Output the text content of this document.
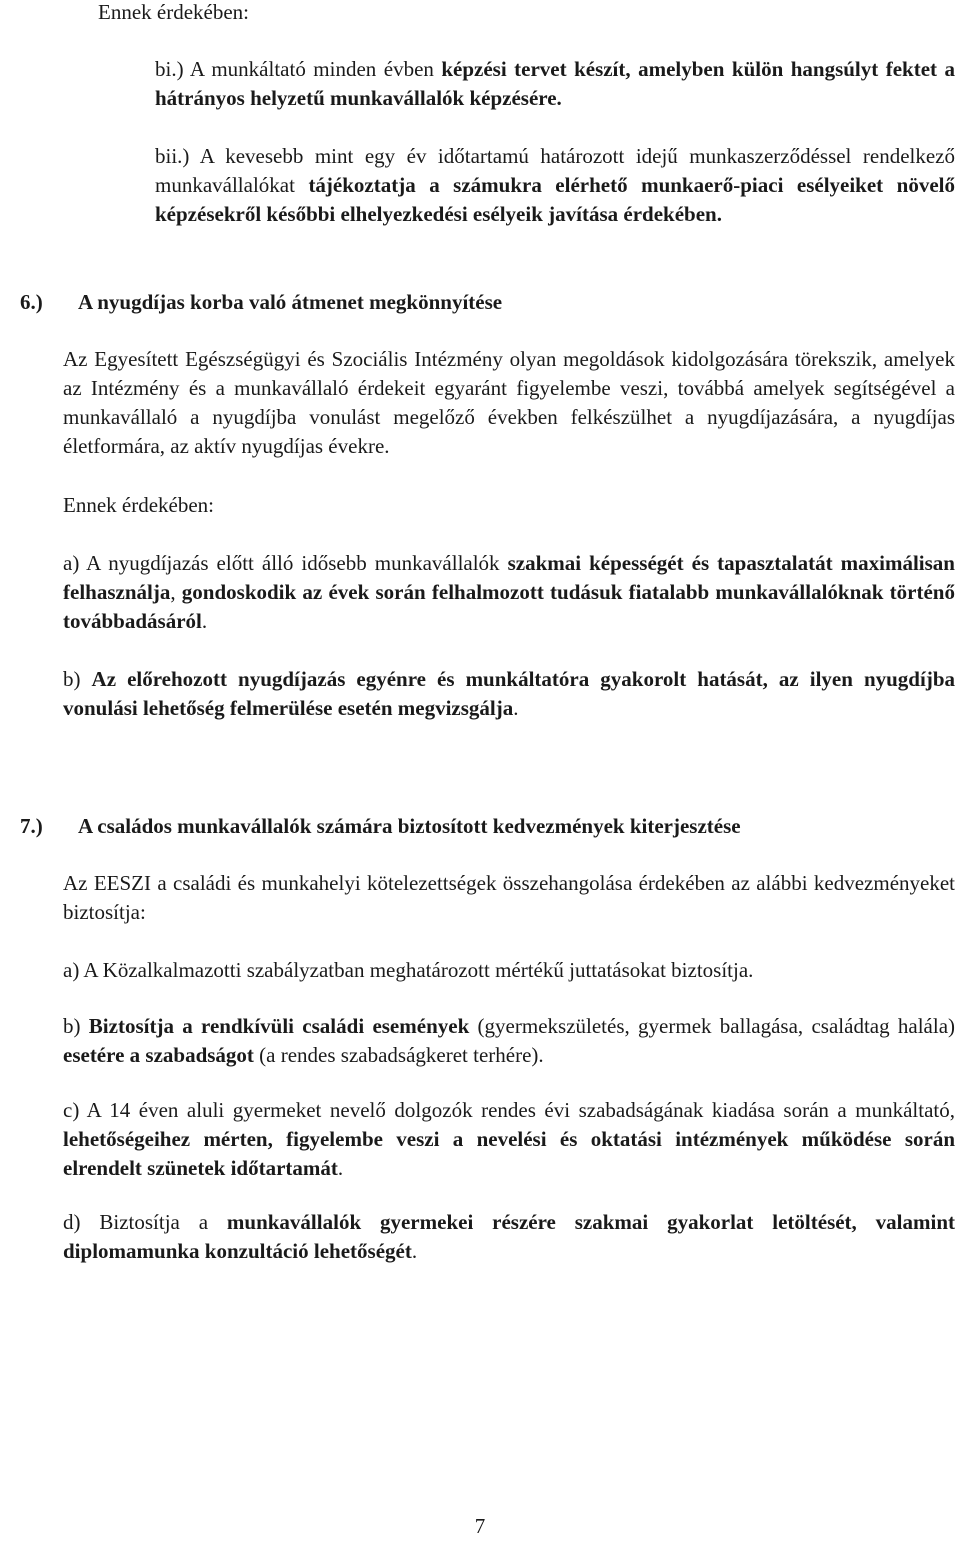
Ennek érdekében:

bi.) A munkáltató minden évben képzési tervet készít, amelyben külön hangsúlyt fektet a hátrányos helyzetű munkavállalók képzésére.

bii.) A kevesebb mint egy év időtartamú határozott idejű munkaszerződéssel rendelkező munkavállalókat tájékoztatja a számukra elérhető munkaerő-piaci esélyeiket növelő képzésekről későbbi elhelyezkedési esélyeik javítása érdekében.

6.) A nyugdíjas korba való átmenet megkönnyítése

Az Egyesített Egészségügyi és Szociális Intézmény olyan megoldások kidolgozására törekszik, amelyek az Intézmény és a munkavállaló érdekeit egyaránt figyelembe veszi, továbbá amelyek segítségével a munkavállaló a nyugdíjba vonulást megelőző években felkészülhet a nyugdíjazására, a nyugdíjas életformára, az aktív nyugdíjas évekre.

Ennek érdekében:

a) A nyugdíjazás előtt álló idősebb munkavállalók szakmai képességét és tapasztalatát maximálisan felhasználja, gondoskodik az évek során felhalmozott tudásuk fiatalabb munkavállalóknak történő továbbadásáról.

b) Az előrehozott nyugdíjazás egyénre és munkáltatóra gyakorolt hatását, az ilyen nyugdíjba vonulási lehetőség felmerülése esetén megvizsgálja.

7.) A családos munkavállalók számára biztosított kedvezmények kiterjesztése

Az EESZI a családi és munkahelyi kötelezettségek összehangolása érdekében az alábbi kedvezményeket biztosítja:

a) A Közalkalmazotti szabályzatban meghatározott mértékű juttatásokat biztosítja.

b) Biztosítja a rendkívüli családi események (gyermekszületés, gyermek ballagása, családtag halála) esetére a szabadságot (a rendes szabadságkeret terhére).

c) A 14 éven aluli gyermeket nevelő dolgozók rendes évi szabadságának kiadása során a munkáltató, lehetőségeihez mérten, figyelembe veszi a nevelési és oktatási intézmények működése során elrendelt szünetek időtartamát.

d) Biztosítja a munkavállalók gyermekei részére szakmai gyakorlat letöltését, valamint diplomamunka konzultáció lehetőségét.

7
